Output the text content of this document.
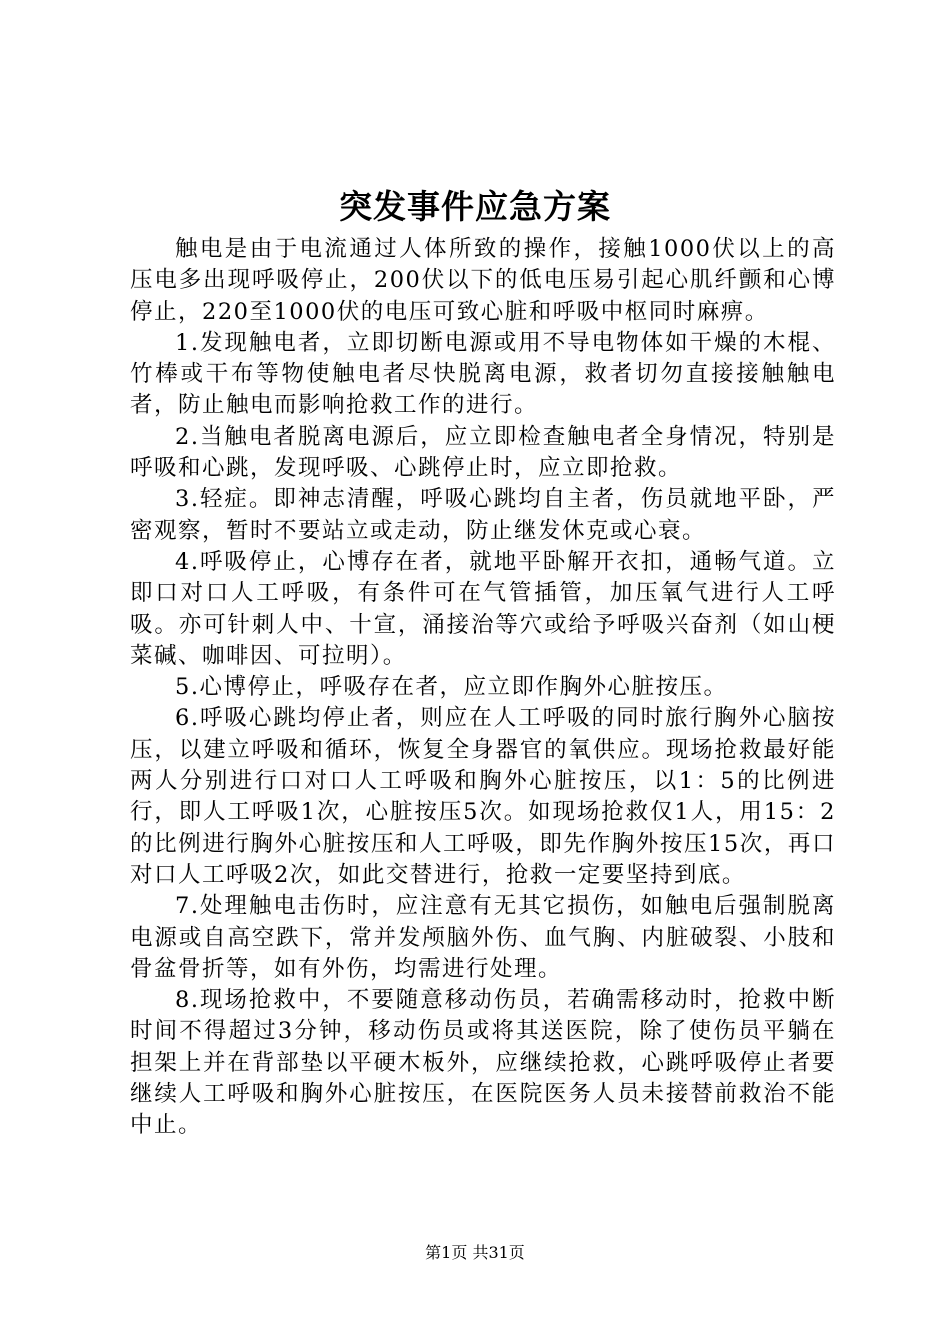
突发事件应急方案

触电是由于电流通过人体所致的操作，接触1000伏以上的高压电多出现呼吸停止，200伏以下的低电压易引起心肌纤颤和心博停止，220至1000伏的电压可致心脏和呼吸中枢同时麻痹。

1.发现触电者，立即切断电源或用不导电物体如干燥的木棍、竹棒或干布等物使触电者尽快脱离电源，救者切勿直接接触触电者，防止触电而影响抢救工作的进行。

2.当触电者脱离电源后，应立即检查触电者全身情况，特别是呼吸和心跳，发现呼吸、心跳停止时，应立即抢救。

3.轻症。即神志清醒，呼吸心跳均自主者，伤员就地平卧，严密观察，暂时不要站立或走动，防止继发休克或心衰。

4.呼吸停止，心博存在者，就地平卧解开衣扣，通畅气道。立即口对口人工呼吸，有条件可在气管插管，加压氧气进行人工呼吸。亦可针刺人中、十宣，涌接治等穴或给予呼吸兴奋剂（如山梗菜碱、咖啡因、可拉明）。

5.心博停止，呼吸存在者，应立即作胸外心脏按压。

6.呼吸心跳均停止者，则应在人工呼吸的同时旅行胸外心脑按压，以建立呼吸和循环，恢复全身器官的氧供应。现场抢救最好能两人分别进行口对口人工呼吸和胸外心脏按压，以1：5的比例进行，即人工呼吸1次，心脏按压5次。如现场抢救仅1人，用15：2的比例进行胸外心脏按压和人工呼吸，即先作胸外按压15次，再口对口人工呼吸2次，如此交替进行，抢救一定要坚持到底。

7.处理触电击伤时，应注意有无其它损伤，如触电后强制脱离电源或自高空跌下，常并发颅脑外伤、血气胸、内脏破裂、小肢和骨盆骨折等，如有外伤，均需进行处理。

8.现场抢救中，不要随意移动伤员，若确需移动时，抢救中断时间不得超过3分钟，移动伤员或将其送医院，除了使伤员平躺在担架上并在背部垫以平硬木板外，应继续抢救，心跳呼吸停止者要继续人工呼吸和胸外心脏按压，在医院医务人员未接替前救治不能中止。

第1页 共31页
